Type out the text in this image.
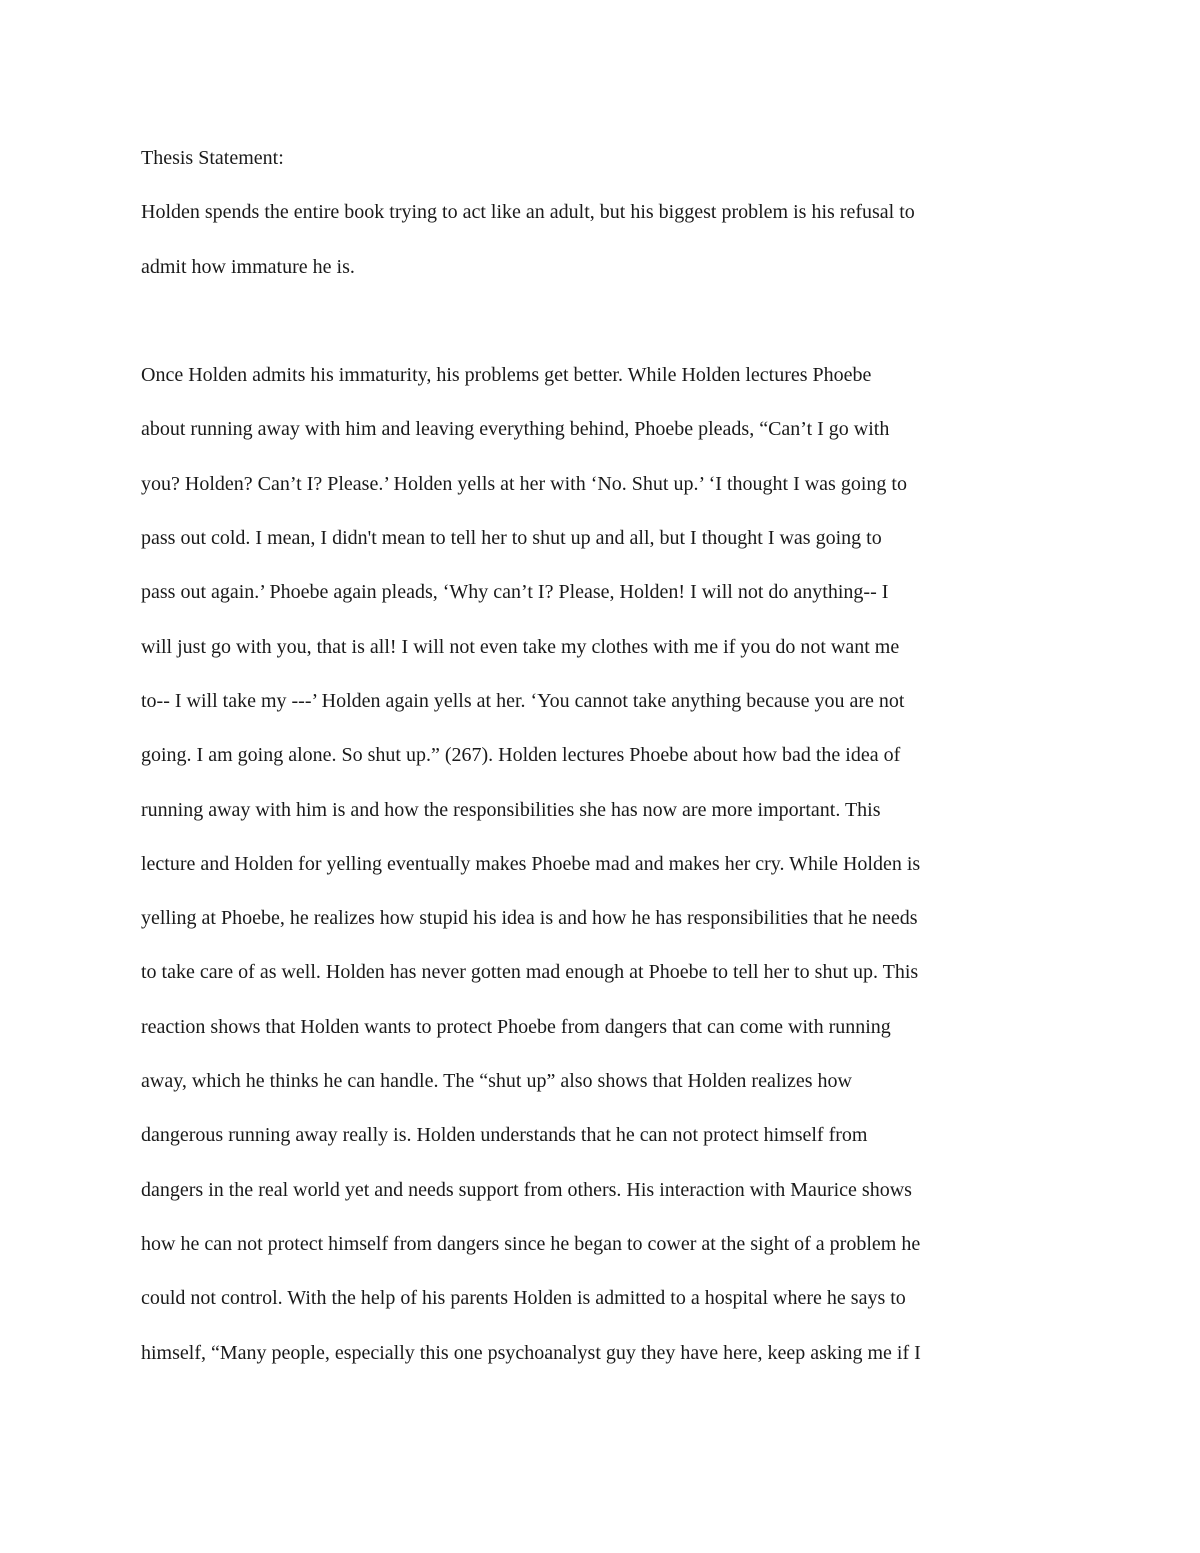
Thesis Statement:
Holden spends the entire book trying to act like an adult, but his biggest problem is his refusal to
admit how immature he is.
Once Holden admits his immaturity, his problems get better. While Holden lectures Phoebe
about running away with him and leaving everything behind, Phoebe pleads, “Can’t I go with
you? Holden? Can’t I? Please.’ Holden yells at her with ‘No. Shut up.’ ‘I thought I was going to
pass out cold. I mean, I didn't mean to tell her to shut up and all, but I thought I was going to
pass out again.’ Phoebe again pleads, ‘Why can’t I? Please, Holden! I will not do anything-- I
will just go with you, that is all! I will not even take my clothes with me if you do not want me
to-- I will take my ---’ Holden again yells at her. ‘You cannot take anything because you are not
going. I am going alone. So shut up.” (267). Holden lectures Phoebe about how bad the idea of
running away with him is and how the responsibilities she has now are more important. This
lecture and Holden for yelling eventually makes Phoebe mad and makes her cry. While Holden is
yelling at Phoebe, he realizes how stupid his idea is and how he has responsibilities that he needs
to take care of as well. Holden has never gotten mad enough at Phoebe to tell her to shut up. This
reaction shows that Holden wants to protect Phoebe from dangers that can come with running
away, which he thinks he can handle. The “shut up” also shows that Holden realizes how
dangerous running away really is. Holden understands that he can not protect himself from
dangers in the real world yet and needs support from others. His interaction with Maurice shows
how he can not protect himself from dangers since he began to cower at the sight of a problem he
could not control. With the help of his parents Holden is admitted to a hospital where he says to
himself, “Many people, especially this one psychoanalyst guy they have here, keep asking me if I
